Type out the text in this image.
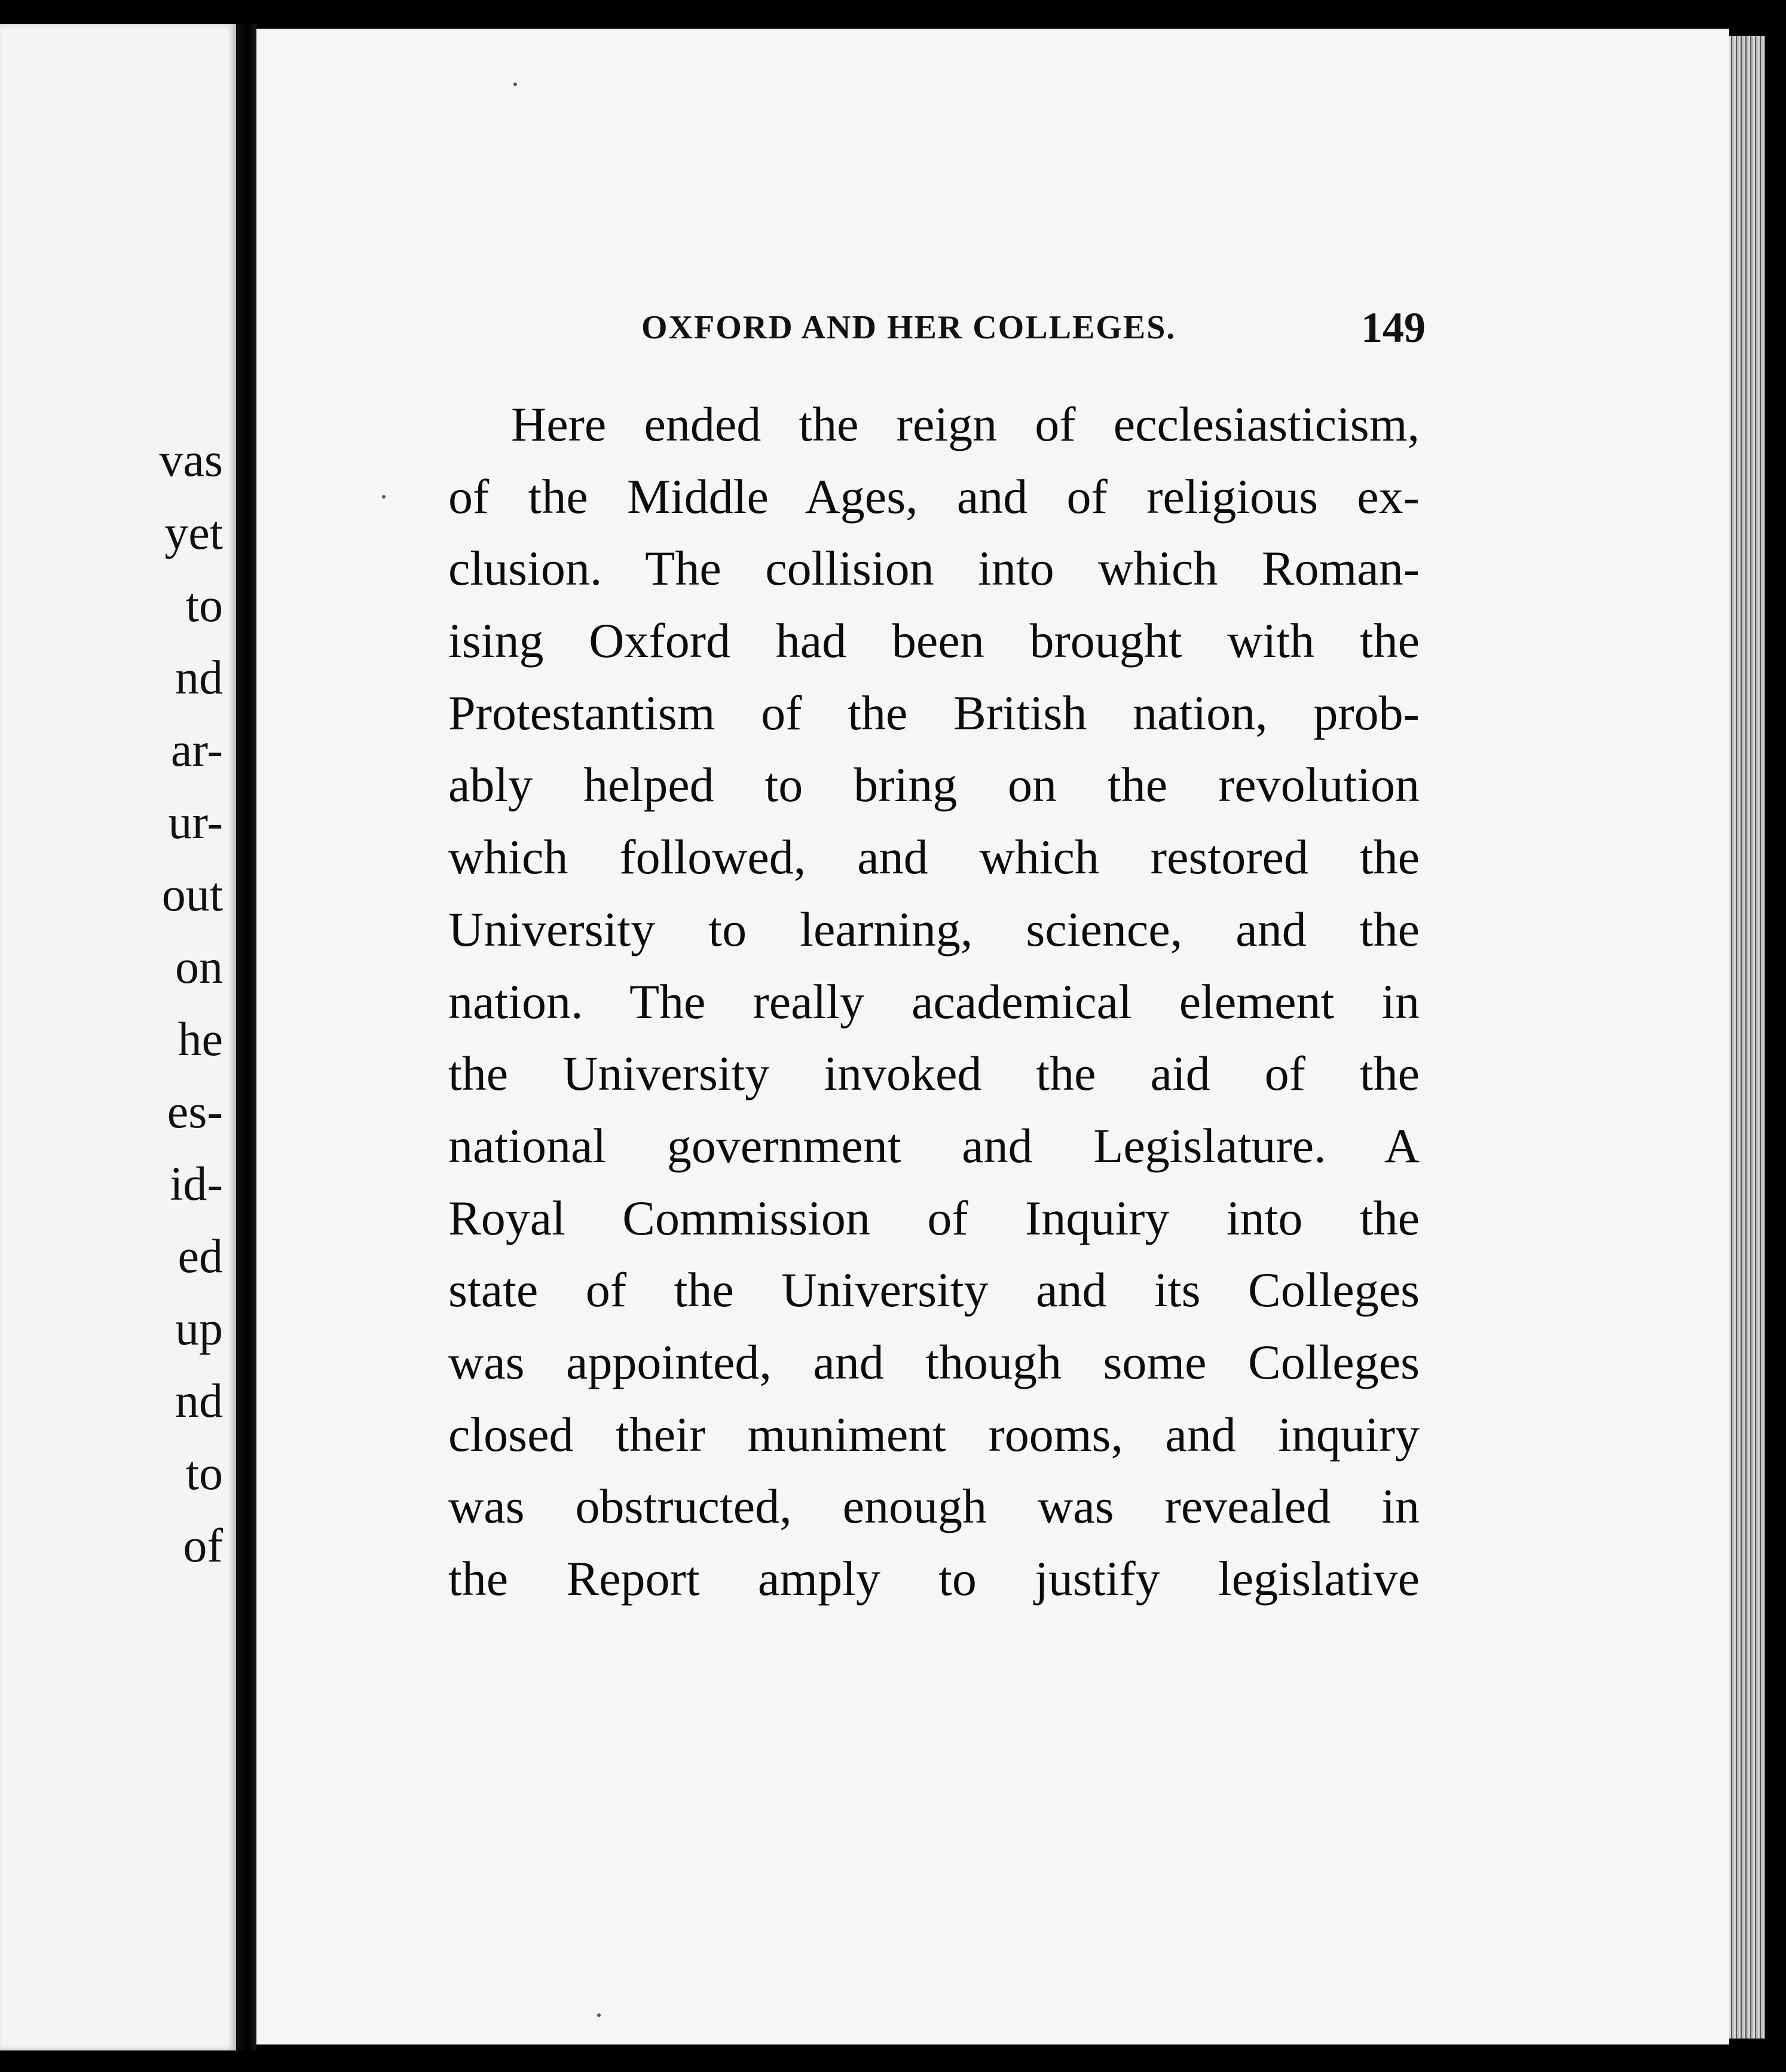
vas
yet
to
nd
ar-
ur-
out
on
he
es-
id-
ed
up
nd
to
of
OXFORD AND HER COLLEGES.	149
Here ended the reign of ecclesiasticism,
of the Middle Ages, and of religious ex-
clusion. The collision into which Roman-
ising Oxford had been brought with the
Protestantism of the British nation, prob-
ably helped to bring on the revolution
which followed, and which restored the
University to learning, science, and the
nation. The really academical element in
the University invoked the aid of the
national government and Legislature. A
Royal Commission of Inquiry into the
state of the University and its Colleges
was appointed, and though some Colleges
closed their muniment rooms, and inquiry
was obstructed, enough was revealed in
the Report amply to justify legislative
